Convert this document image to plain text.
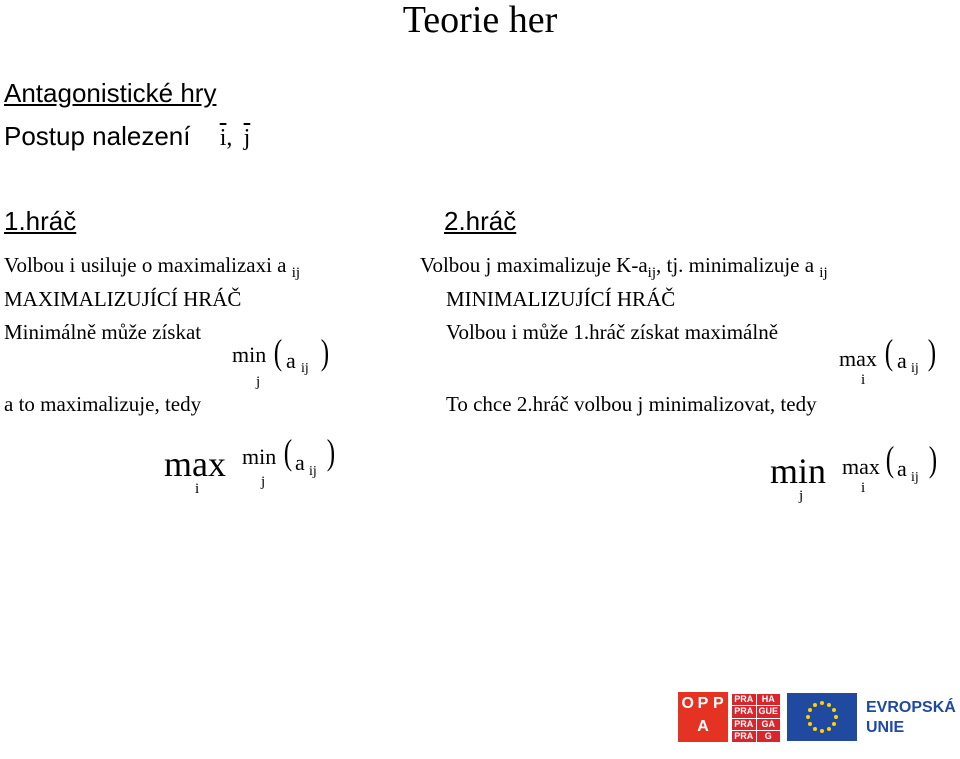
Teorie her
Antagonistické hry
Postup nalezení $\overline{i}$, $\overline{j}$
1.hráč
Volbou i usiluje o maximalizaxi a $_{ij}$
MAXIMALIZUJÍCÍ HRÁČ
Minimálně může získat
min
j
( a ij )
a to maximalizuje, tedy
max
i
min
j
( a ij )
2.hráč
Volbou j maximalizuje $K-a_{ij}$, tj. minimalizuje a $_{ij}$
MINIMALIZUJÍCÍ HRÁČ
Volbou i může 1.hráč získat maximálně
max
i
( a ij )
To chce 2.hráč volbou j minimalizovat, tedy
min
j
max
i
( a ij )
O P P
A
PRA HA
PRA GUE
PRA GA
PRA	G
EVROPSKÁ
UNIE
